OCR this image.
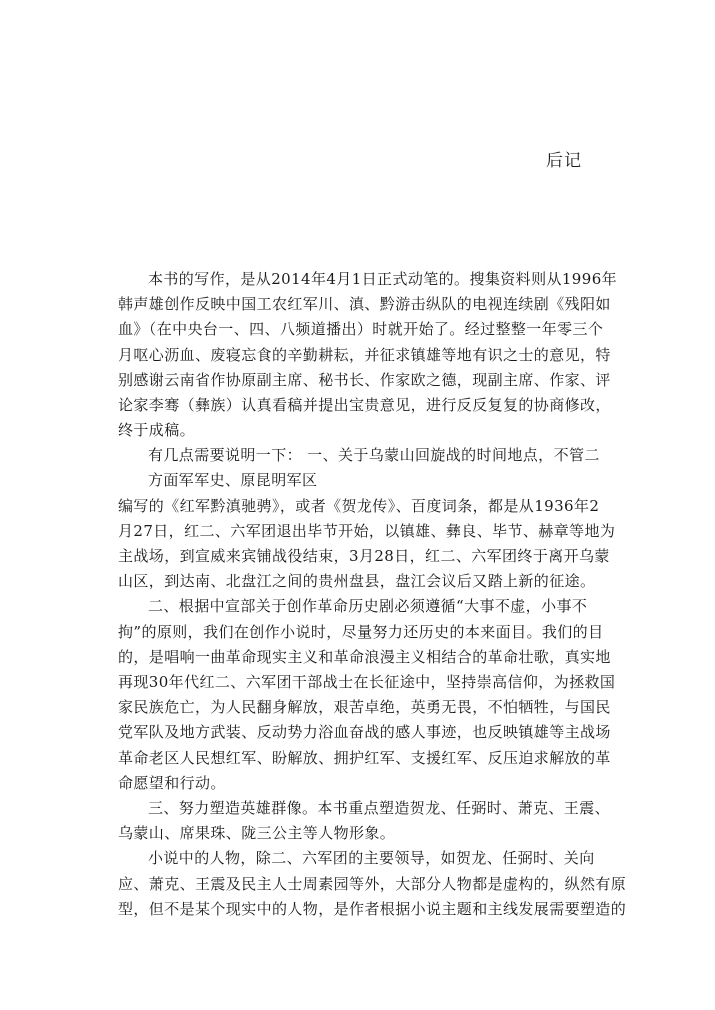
后记
本书的写作，是从2014年4月1日正式动笔的。搜集资料则从1996年
韩声雄创作反映中国工农红军川、滇、黔游击纵队的电视连续剧《残阳如
血》（在中央台一、四、八频道播出）时就开始了。经过整整一年零三个
月呕心沥血、废寝忘食的辛勤耕耘，并征求镇雄等地有识之士的意见，特
别感谢云南省作协原副主席、秘书长、作家欧之德，现副主席、作家、评
论家李骞（彝族）认真看稿并提出宝贵意见，进行反反复复的协商修改，
终于成稿。
有几点需要说明一下： 一、关于乌蒙山回旋战的时间地点，不管二
方面军军史、原昆明军区
编写的《红军黔滇驰骋》，或者《贺龙传》、百度词条，都是从1936年2
月27日，红二、六军团退出毕节开始，以镇雄、彝良、毕节、赫章等地为
主战场，到宣威来宾铺战役结束，3月28日，红二、六军团终于离开乌蒙
山区，到达南、北盘江之间的贵州盘县，盘江会议后又踏上新的征途。
二、根据中宣部关于创作革命历史剧必须遵循“大事不虚，小事不
拘”的原则，我们在创作小说时，尽量努力还历史的本来面目。我们的目
的，是唱响一曲革命现实主义和革命浪漫主义相结合的革命壮歌，真实地
再现30年代红二、六军团干部战士在长征途中，坚持崇高信仰，为拯救国
家民族危亡，为人民翻身解放，艰苦卓绝，英勇无畏，不怕牺牲，与国民
党军队及地方武装、反动势力浴血奋战的感人事迹，也反映镇雄等主战场
革命老区人民想红军、盼解放、拥护红军、支援红军、反压迫求解放的革
命愿望和行动。
三、努力塑造英雄群像。本书重点塑造贺龙、任弼时、萧克、王震、
乌蒙山、席果珠、陇三公主等人物形象。
小说中的人物，除二、六军团的主要领导，如贺龙、任弼时、关向
应、萧克、王震及民主人士周素园等外，大部分人物都是虚构的，纵然有原
型，但不是某个现实中的人物，是作者根据小说主题和主线发展需要塑造的
